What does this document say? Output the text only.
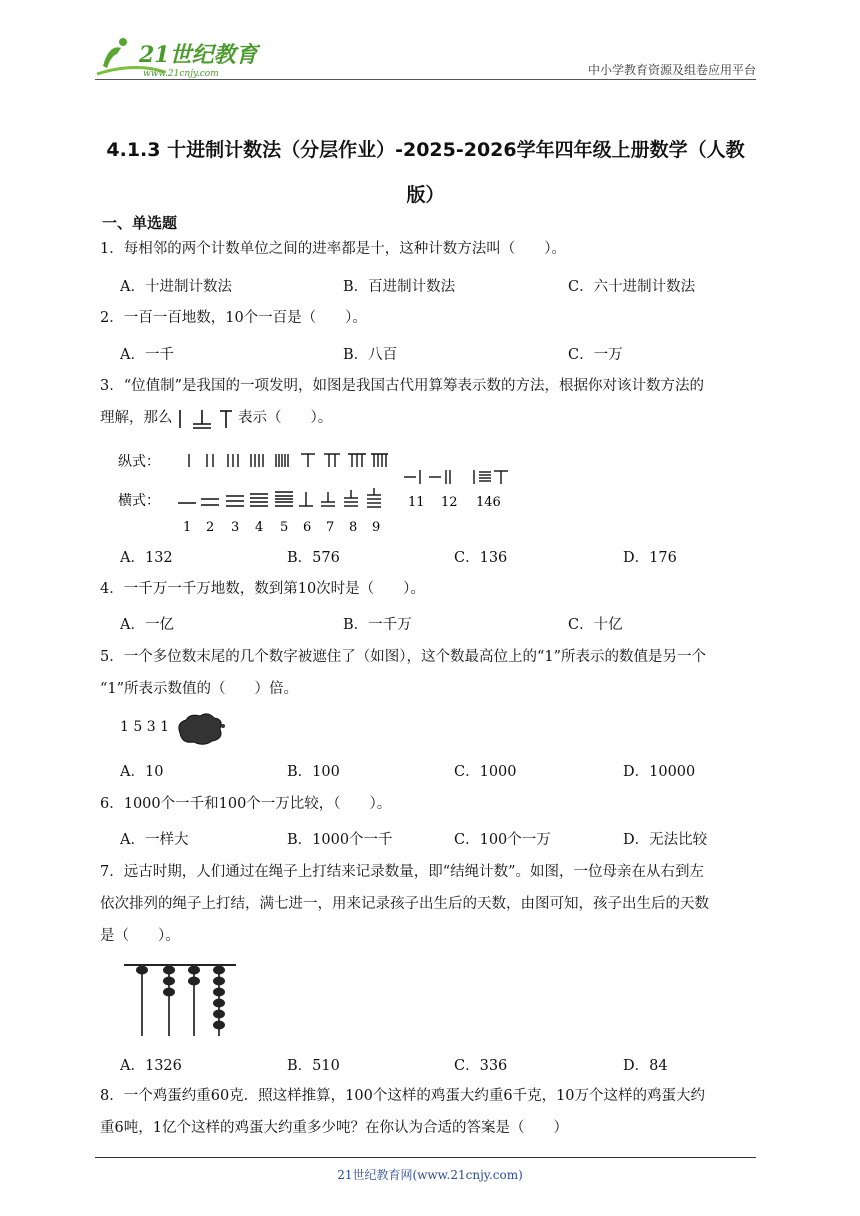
21世纪教育
www.21cnjy.com	中小学教育资源及组卷应用平台
4.1.3 十进制计数法（分层作业）-2025-2026学年四年级上册数学（人教版）
一、单选题
1．每相邻的两个计数单位之间的进率都是十，这种计数方法叫（　　）。
A．十进制计数法	B．百进制计数法	C．六十进制计数法
2．一百一百地数，10个一百是（　　）。
A．一千	B．八百	C．一万
3．“位值制”是我国的一项发明，如图是我国古代用算筹表示数的方法，根据你对该计数方法的
理解，那么	表示（　　）。
纵式：
横式：
1 2 3 4 5 6 7 8 9
11 12 146
A．132	B．576	C．136	D．176
4．一千万一千万地数，数到第10次时是（　　）。
A．一亿	B．一千万	C．十亿
5．一个多位数末尾的几个数字被遮住了（如图），这个数最高位上的“1”所表示的数值是另一个
“1”所表示数值的（　　）倍。
1 5 3 1
A．10	B．100	C．1000	D．10000
6．1000个一千和100个一万比较，（　　）。
A．一样大	B．1000个一千	C．100个一万	D．无法比较
7．远古时期，人们通过在绳子上打结来记录数量，即“结绳计数”。如图，一位母亲在从右到左
依次排列的绳子上打结，满七进一，用来记录孩子出生后的天数，由图可知，孩子出生后的天数
是（　　）。
A．1326	B．510	C．336	D．84
8．一个鸡蛋约重60克．照这样推算，100个这样的鸡蛋大约重6千克，10万个这样的鸡蛋大约
重6吨，1亿个这样的鸡蛋大约重多少吨？在你认为合适的答案是（　　）
21世纪教育网(www.21cnjy.com)
